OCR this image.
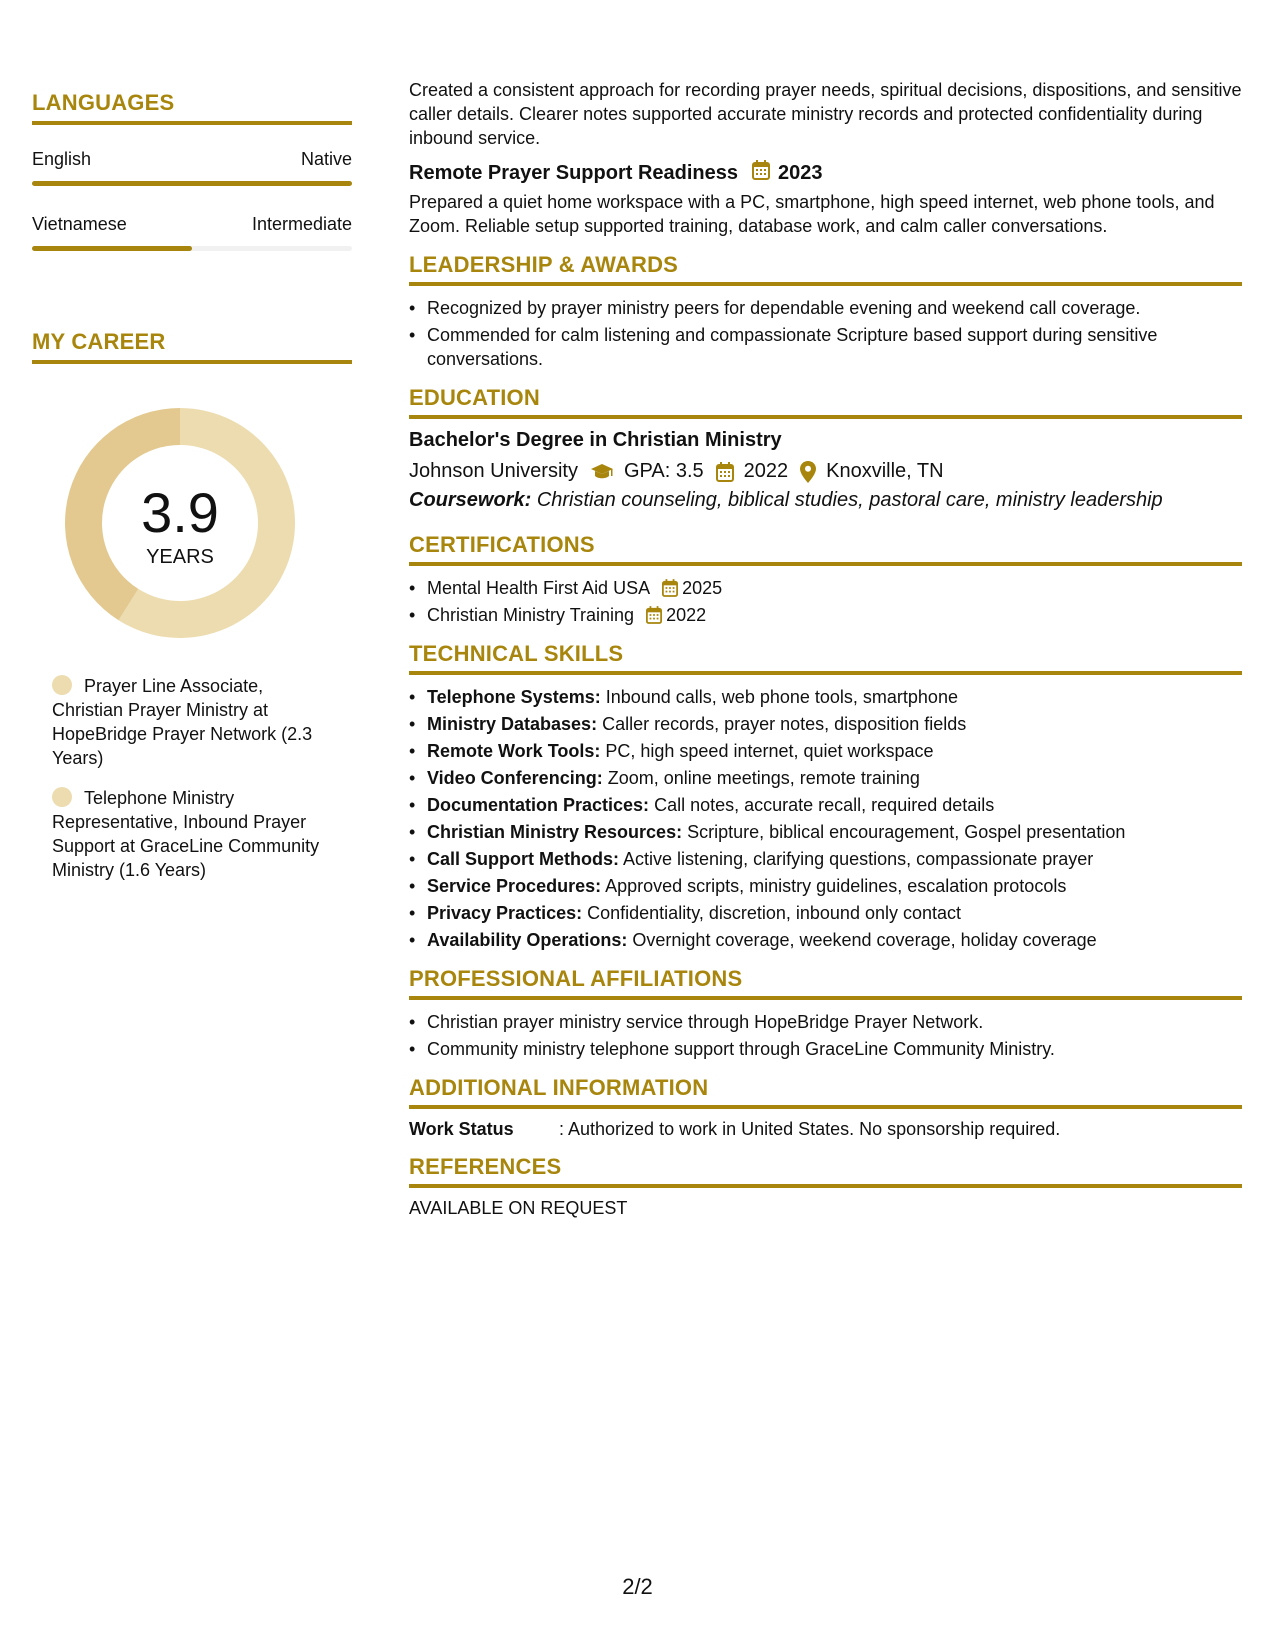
LANGUAGES
English	Native
Vietnamese	Intermediate
MY CAREER
3.9
YEARS
Prayer Line Associate, Christian Prayer Ministry at HopeBridge Prayer Network (2.3 Years)
Telephone Ministry Representative, Inbound Prayer Support at GraceLine Community Ministry (1.6 Years)
Created a consistent approach for recording prayer needs, spiritual decisions, dispositions, and sensitive caller details. Clearer notes supported accurate ministry records and protected confidentiality during inbound service.
Remote Prayer Support Readiness 2023
Prepared a quiet home workspace with a PC, smartphone, high speed internet, web phone tools, and Zoom. Reliable setup supported training, database work, and calm caller conversations.
LEADERSHIP & AWARDS
• Recognized by prayer ministry peers for dependable evening and weekend call coverage.
• Commended for calm listening and compassionate Scripture based support during sensitive conversations.
EDUCATION
Bachelor's Degree in Christian Ministry
Johnson University GPA: 3.5 2022 Knoxville, TN
Coursework: Christian counseling, biblical studies, pastoral care, ministry leadership
CERTIFICATIONS
• Mental Health First Aid USA 2025
• Christian Ministry Training 2022
TECHNICAL SKILLS
• Telephone Systems: Inbound calls, web phone tools, smartphone
• Ministry Databases: Caller records, prayer notes, disposition fields
• Remote Work Tools: PC, high speed internet, quiet workspace
• Video Conferencing: Zoom, online meetings, remote training
• Documentation Practices: Call notes, accurate recall, required details
• Christian Ministry Resources: Scripture, biblical encouragement, Gospel presentation
• Call Support Methods: Active listening, clarifying questions, compassionate prayer
• Service Procedures: Approved scripts, ministry guidelines, escalation protocols
• Privacy Practices: Confidentiality, discretion, inbound only contact
• Availability Operations: Overnight coverage, weekend coverage, holiday coverage
PROFESSIONAL AFFILIATIONS
• Christian prayer ministry service through HopeBridge Prayer Network.
• Community ministry telephone support through GraceLine Community Ministry.
ADDITIONAL INFORMATION
Work Status	: Authorized to work in United States. No sponsorship required.
REFERENCES
AVAILABLE ON REQUEST
2/2
